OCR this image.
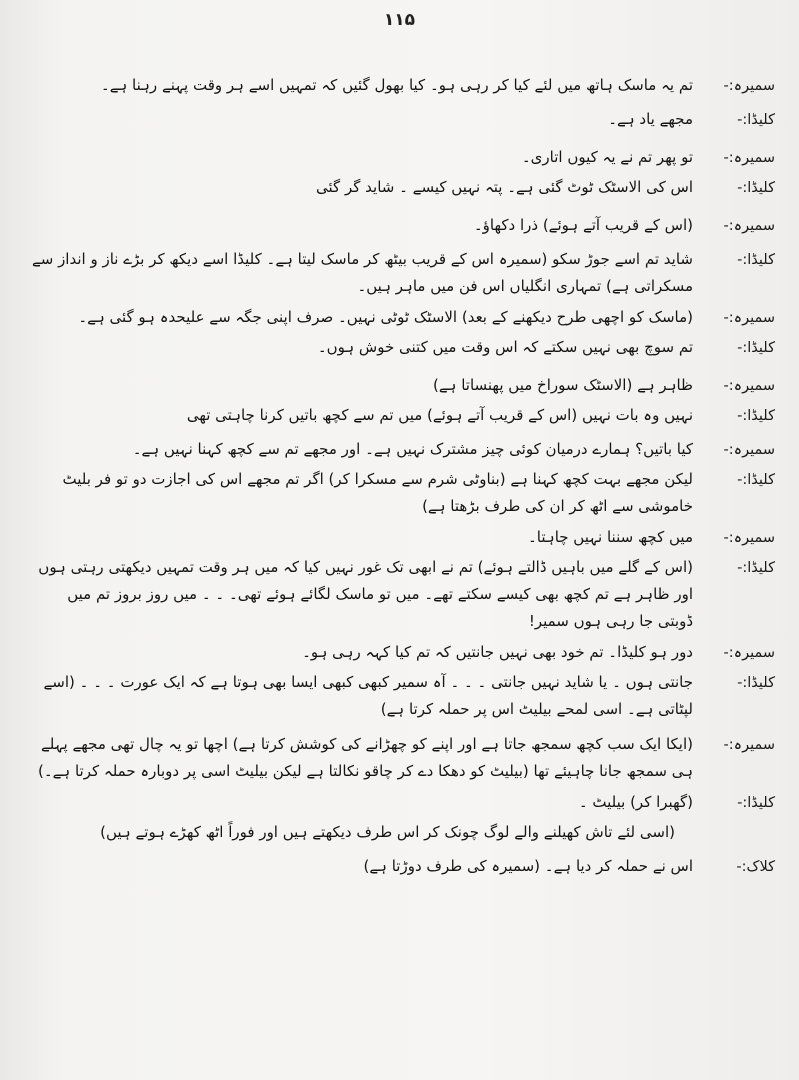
۱۱۵
سمیرہ:-
تم یہ ماسک ہاتھ میں لئے کیا کر رہی ہو۔ کیا بھول گئیں کہ تمہیں اسے ہر وقت پہنے رہنا ہے۔
کلیڈا:-
مجھے یاد ہے۔
سمیرہ:-
تو پھر تم نے یہ کیوں اتاری۔
کلیڈا:-
اس کی الاسٹک ٹوٹ گئی ہے۔ پتہ نہیں کیسے ۔ شاید گر گئی
سمیرہ:-
(اس کے قریب آتے ہوئے) ذرا دکھاؤ۔
کلیڈا:-
شاید تم اسے جوڑ سکو (سمیرہ اس کے قریب بیٹھ کر ماسک لیتا ہے۔ کلیڈا اسے دیکھ کر بڑے ناز و انداز سے مسکراتی ہے) تمہاری انگلیاں اس فن میں ماہر ہیں۔
سمیرہ:-
(ماسک کو اچھی طرح دیکھنے کے بعد) الاسٹک ٹوٹی نہیں۔ صرف اپنی جگہ سے علیحدہ ہو گئی ہے۔
کلیڈا:-
تم سوچ بھی نہیں سکتے کہ اس وقت میں کتنی خوش ہوں۔
سمیرہ:-
ظاہر ہے (الاسٹک سوراخ میں پھنساتا ہے)
کلیڈا:-
نہیں وہ بات نہیں (اس کے قریب آتے ہوئے) میں تم سے کچھ باتیں کرنا چاہتی تھی
سمیرہ:-
کیا باتیں؟ ہمارے درمیان کوئی چیز مشترک نہیں ہے۔ اور مجھے تم سے کچھ کہنا نہیں ہے۔
کلیڈا:-
لیکن مجھے بہت کچھ کہنا ہے (بناوٹی شرم سے مسکرا کر) اگر تم مجھے اس کی اجازت دو تو فر بلیٹ خاموشی سے اٹھ کر ان کی طرف بڑھتا ہے)
سمیرہ:-
میں کچھ سننا نہیں چاہتا۔
کلیڈا:-
(اس کے گلے میں باہیں ڈالتے ہوئے) تم نے ابھی تک غور نہیں کیا کہ میں ہر وقت تمہیں دیکھتی رہتی ہوں اور ظاہر ہے تم کچھ بھی کیسے سکتے تھے۔ میں تو ماسک لگائے ہوئے تھی۔ ۔ ۔ میں روز بروز تم میں ڈوبتی جا رہی ہوں سمیر!
سمیرہ:-
دور ہو کلیڈا۔ تم خود بھی نہیں جانتیں کہ تم کیا کہہ رہی ہو۔
کلیڈا:-
جانتی ہوں ۔ یا شاید نہیں جانتی ۔ ۔ ۔ آہ سمیر کبھی کبھی ایسا بھی ہوتا ہے کہ ایک عورت ۔ ۔ ۔ (اسے لپٹاتی ہے۔ اسی لمحے بیلیٹ اس پر حملہ کرتا ہے)
سمیرہ:-
(ایکا ایک سب کچھ سمجھ جاتا ہے اور اپنے کو چھڑانے کی کوشش کرتا ہے) اچھا تو یہ چال تھی مجھے پہلے ہی سمجھ جانا چاہیئے تھا (بیلیٹ کو دھکا دے کر چاقو نکالتا ہے لیکن بیلیٹ اسی پر دوبارہ حملہ کرتا ہے۔)
کلیڈا:-
(گھبرا کر) بیلیٹ ۔
(اسی لئے تاش کھیلنے والے لوگ چونک کر اس طرف دیکھتے ہیں اور فوراً اٹھ کھڑے ہوتے ہیں)
کلاک:-
اس نے حملہ کر دیا ہے۔ (سمیرہ کی طرف دوڑتا ہے)
